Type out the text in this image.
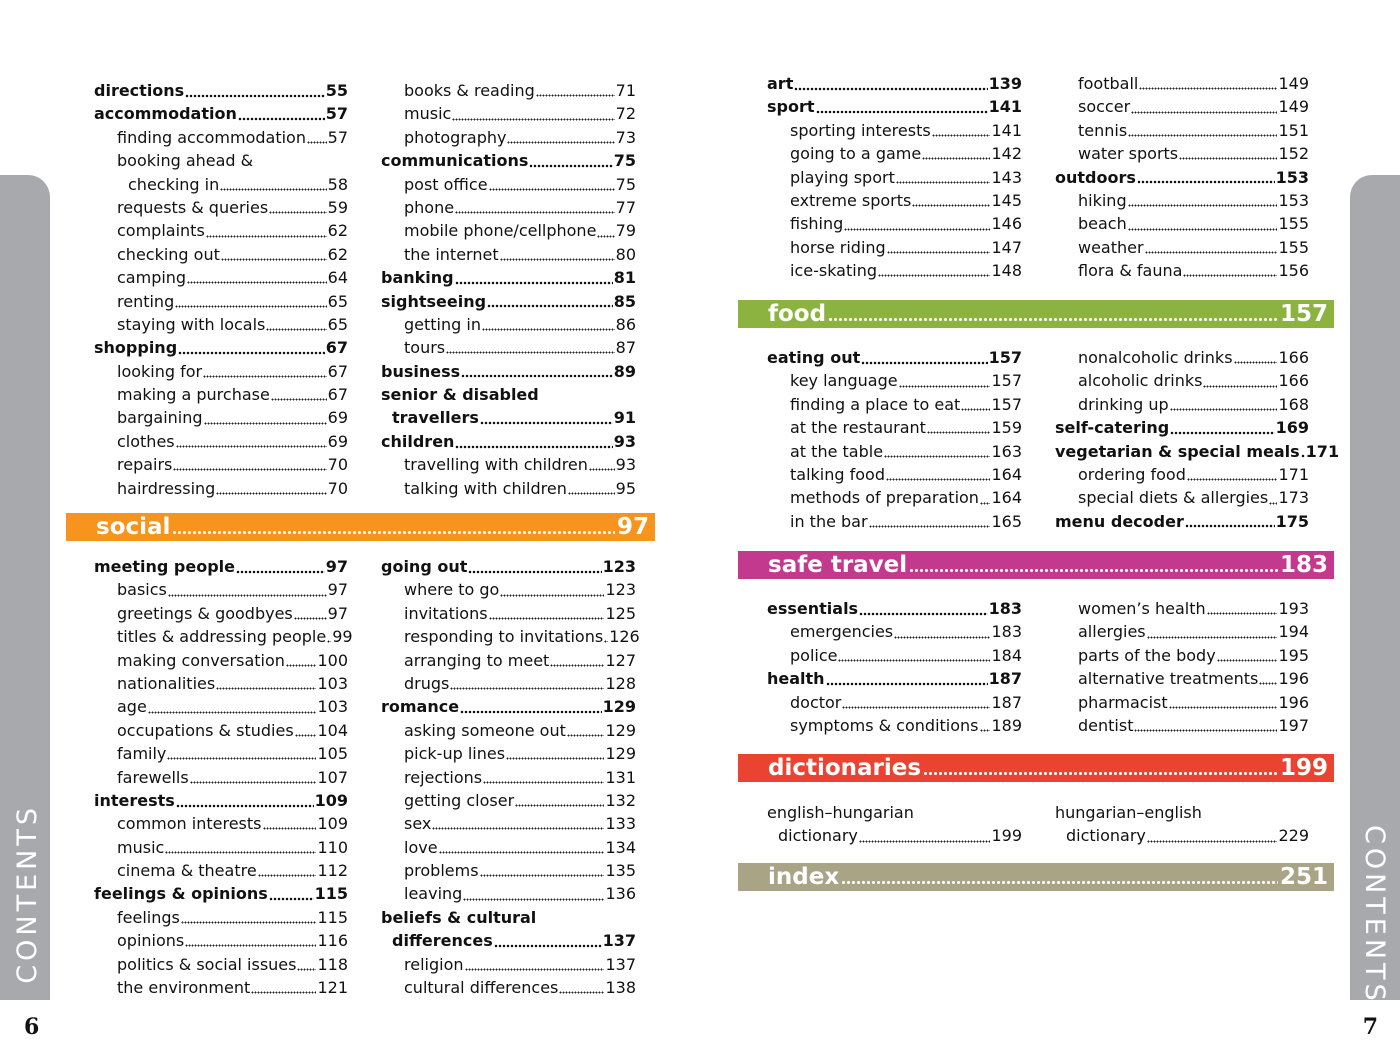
CONTENTS	CONTENTS
6	7
directions	55
accommodation	57
finding accommodation 57
booking ahead &
checking in	58
requests & queries	59
complaints	62
checking out	62
camping	64
renting	65
staying with locals	65
shopping	67
looking for	67
making a purchase	67
bargaining	69
clothes	69
repairs	70
hairdressing	70
books & reading	71
music	72
photography	73
communications	75
post office	75
phone	77
mobile phone/cellphone 79
the internet	80
banking	81
sightseeing	85
getting in	86
tours	87
business	89
senior & disabled
travellers	91
children	93
travelling with children 93
talking with children	95
social	97
meeting people	97
basics	97
greetings & goodbyes 97
titles & addressing people 99
making conversation 100
nationalities	103
age	103
occupations & studies 104
family	105
farewells	107
interests	109
common interests	109
music	110
cinema & theatre	112
feelings & opinions	115
feelings	115
opinions	116
politics & social issues 118
the environment	121
going out	123
where to go	123
invitations	125
responding to invitations 126
arranging to meet	127
drugs	128
romance	129
asking someone out 129
pick-up lines	129
rejections	131
getting closer	132
sex	133
love	134
problems	135
leaving	136
beliefs & cultural
differences	137
religion	137
cultural differences	138
art	139
sport	141
sporting interests	141
going to a game	142
playing sport	143
extreme sports	145
fishing	146
horse riding	147
ice-skating	148
football	149
soccer	149
tennis	151
water sports	152
outdoors	153
hiking	153
beach	155
weather	155
flora & fauna	156
food	157
eating out	157
key language	157
finding a place to eat 157
at the restaurant	159
at the table	163
talking food	164
methods of preparation 164
in the bar	165
nonalcoholic drinks	166
alcoholic drinks	166
drinking up	168
self-catering	169
vegetarian & special meals 171
ordering food	171
special diets & allergies 173
menu decoder	175
safe travel	183
essentials	183
emergencies	183
police	184
health	187
doctor	187
symptoms & conditions 189
women’s health	193
allergies	194
parts of the body	195
alternative treatments 196
pharmacist	196
dentist	197
dictionaries	199
english–hungarian
dictionary	199
hungarian–english
dictionary	229
index	251
